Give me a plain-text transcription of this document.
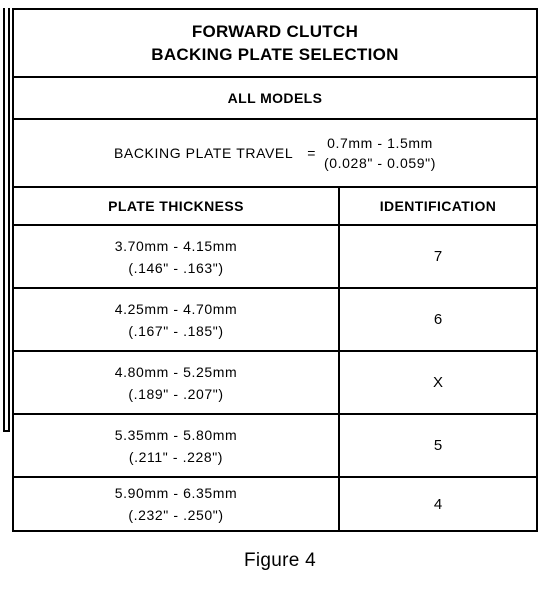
FORWARD CLUTCH
BACKING PLATE SELECTION
ALL MODELS
BACKING PLATE TRAVEL =
0.7mm - 1.5mm
(0.028" - 0.059")
PLATE THICKNESS	IDENTIFICATION
3.70mm - 4.15mm
(.146" - .163")
7
4.25mm - 4.70mm
(.167" - .185")
6
4.80mm - 5.25mm
(.189" - .207")
X
5.35mm - 5.80mm
(.211" - .228")
5
5.90mm - 6.35mm
(.232" - .250")
4
Figure 4
